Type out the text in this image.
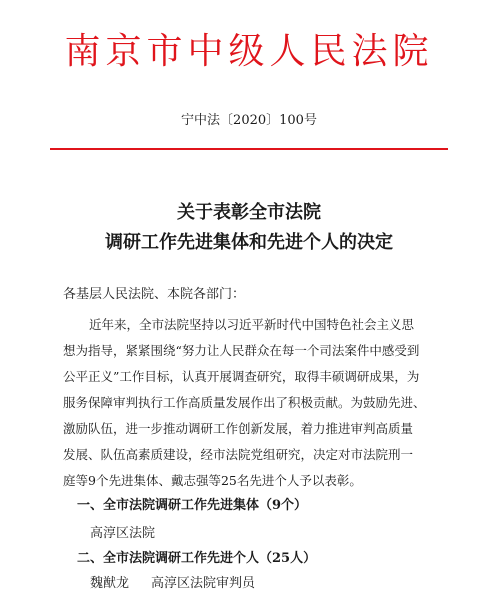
南京市中级人民法院
宁中法〔2020〕100号
关于表彰全市法院
调研工作先进集体和先进个人的决定
各基层人民法院、本院各部门：
近年来，全市法院坚持以习近平新时代中国特色社会主义思
想为指导，紧紧围绕“努力让人民群众在每一个司法案件中感受到
公平正义”工作目标，认真开展调查研究，取得丰硕调研成果，为
服务保障审判执行工作高质量发展作出了积极贡献。为鼓励先进、
激励队伍，进一步推动调研工作创新发展，着力推进审判高质量
发展、队伍高素质建设，经市法院党组研究，决定对市法院刑一
庭等9个先进集体、戴志强等25名先进个人予以表彰。
一、全市法院调研工作先进集体（9个）
高淳区法院
二、全市法院调研工作先进个人（25人）
魏猷龙 高淳区法院审判员
